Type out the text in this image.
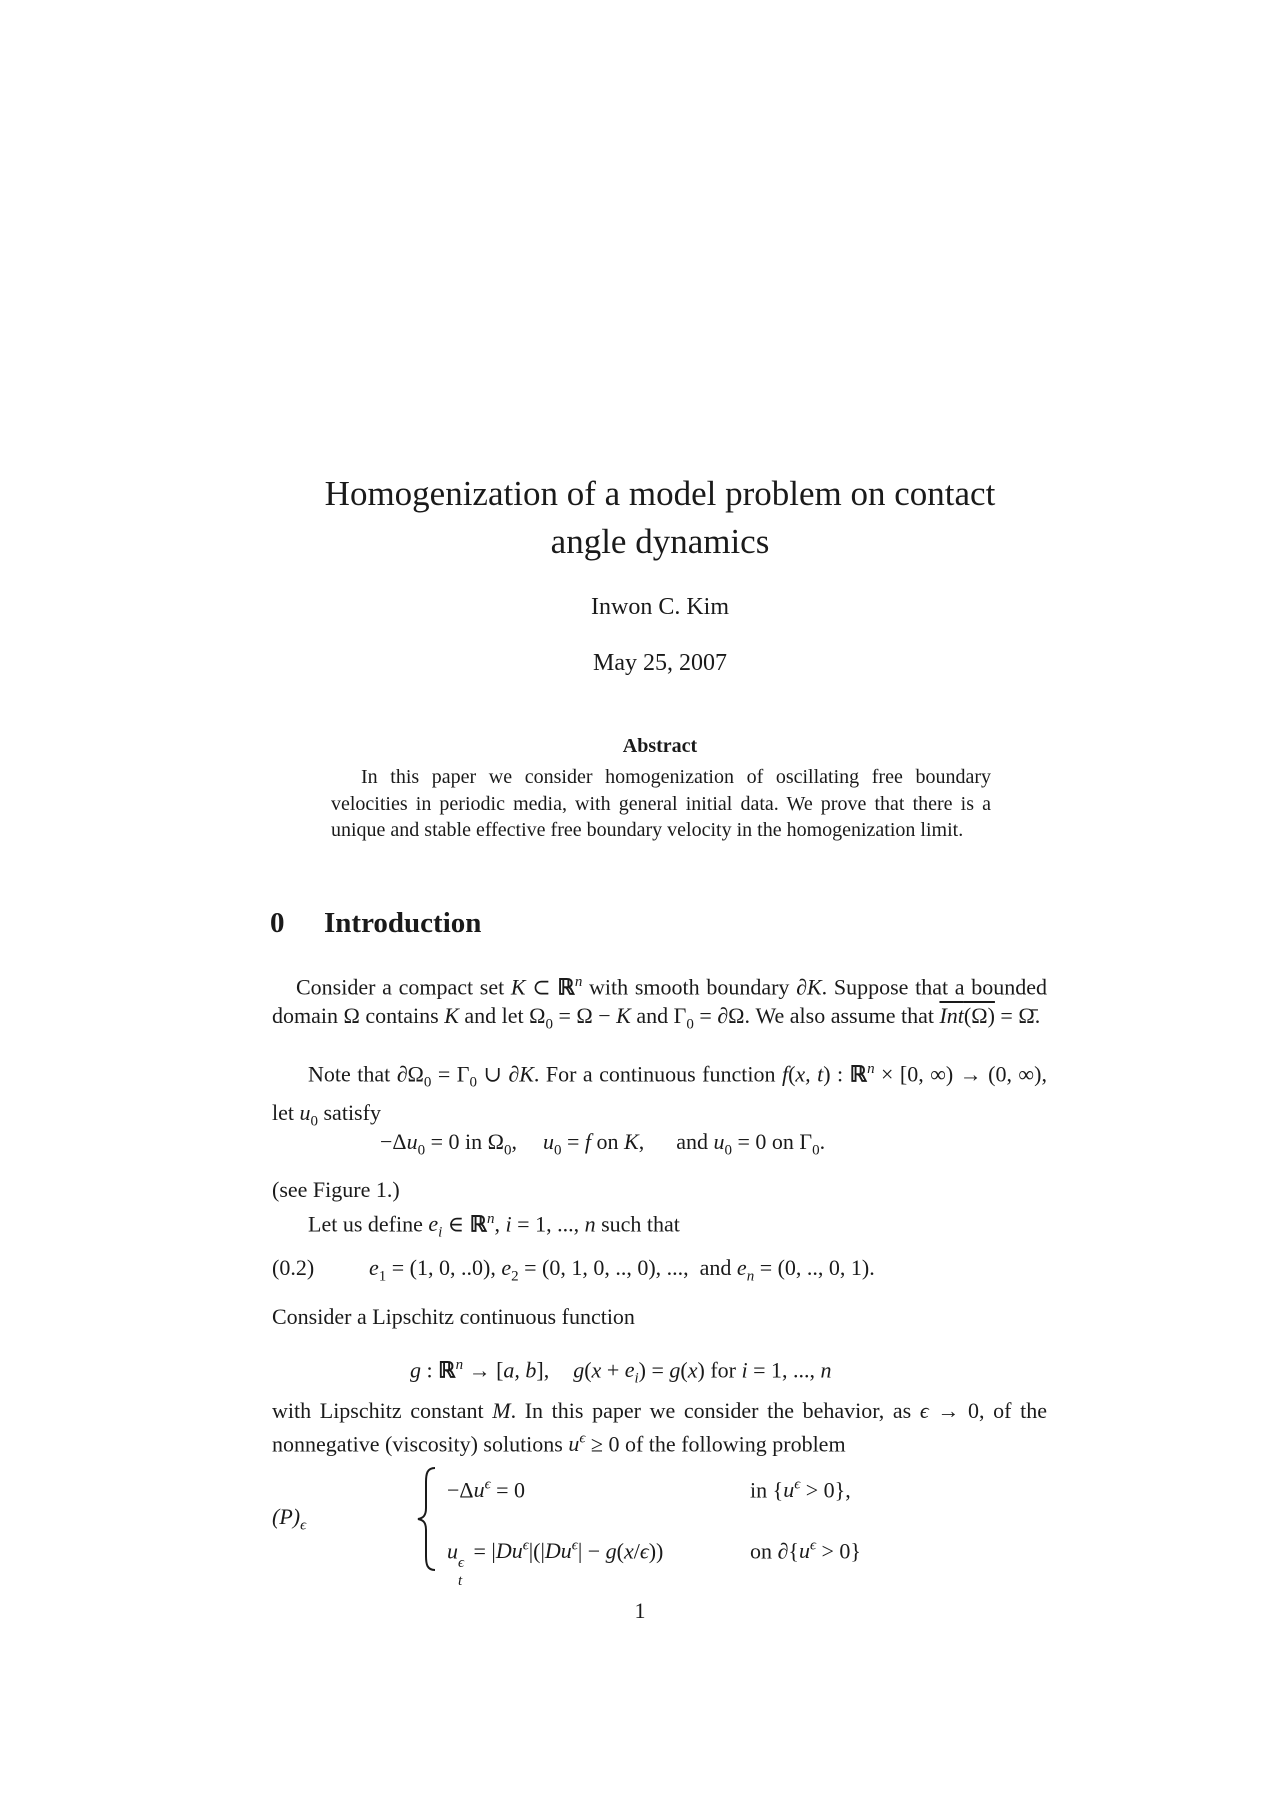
Homogenization of a model problem on contact
angle dynamics
Inwon C. Kim
May 25, 2007
Abstract
In this paper we consider homogenization of oscillating free boundary velocities in periodic media, with general initial data. We prove that there is a unique and stable effective free boundary velocity in the homogenization limit.
0 Introduction
Consider a compact set K ⊂ ℝ$^n$ with smooth boundary ∂K. Suppose that a bounded domain Ω contains K and let $\Omega_0 = \Omega - K$ and $\Gamma_0 = \partial\Omega$. We also assume that Int(Ω) = Ω̄.
Note that $\partial\Omega_0 = \Gamma_0$ ∪ ∂K. For a continuous function f(x, t) : ℝ$^n$ × [0, ∞) → (0, ∞), let $u_0$ satisfy
$-\Delta u_0 = 0$ in $\Omega_0$, $u_0 = f$ on K, and $u_0 = 0$ on $\Gamma_0$.
(see Figure 1.)
Let us define $e_i$ ∈ ℝ$^n$, i = 1, ..., n such that
(0.2) $e_1 = (1$, 0, ..0), $e_2 = (0$, 1, 0, .., 0), ...,  and $e_n = (0$, .., 0, 1).
Consider a Lipschitz continuous function
g : ℝ$^n$ → [a, b], $g(x + e_i) = g(x)$ for i = 1, ..., n
with Lipschitz constant M. In this paper we consider the behavior, as ϵ → 0, of the nonnegative (viscosity) solutions $u^\epsilon \ge 0$ of the following problem
$(P)_\epsilon$
$-\Delta u^\epsilon = 0$	in $\{u^\epsilon > 0\}$,
u ϵ
t
= $|Du^\epsilon|(|Du^\epsilon| - g(x/\epsilon))$	on $\partial\{u^\epsilon > 0\}$
1
